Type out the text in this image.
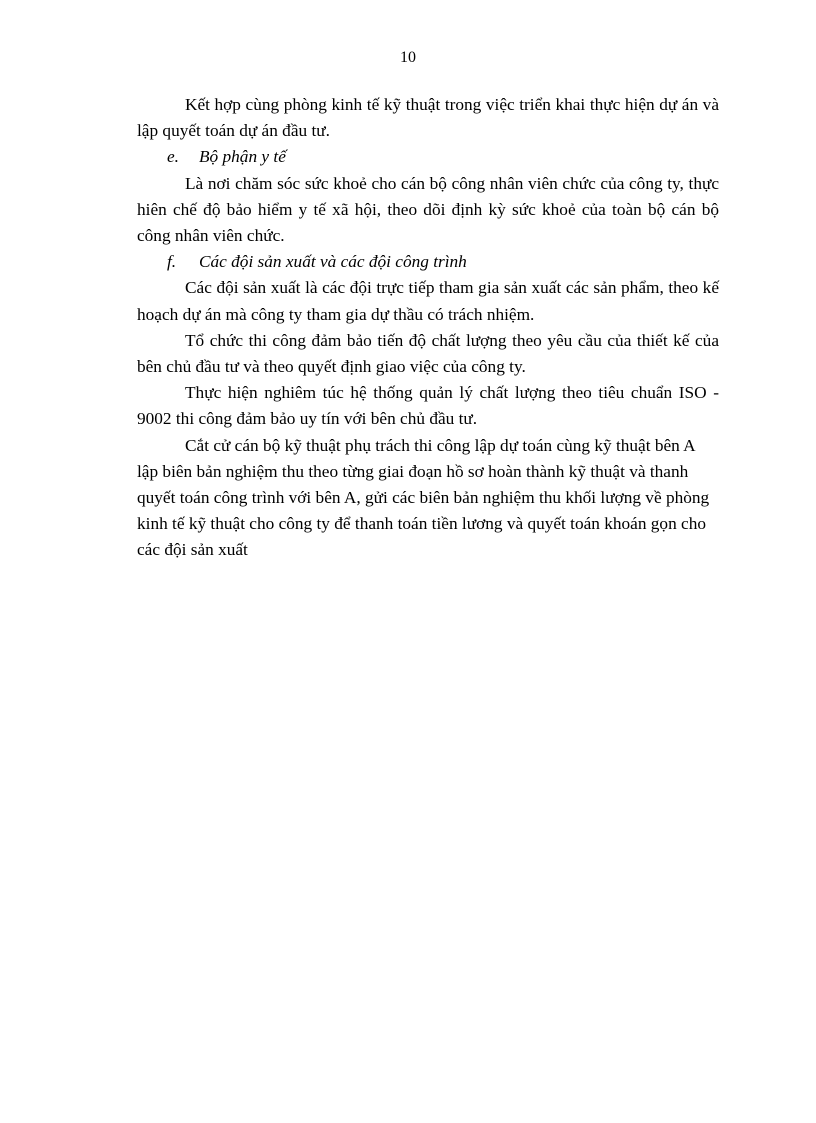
10

Kết hợp cùng phòng kinh tế kỹ thuật trong việc triển khai thực hiện dự án và lập quyết toán dự án đầu tư.

e. Bộ phận y tế

Là nơi chăm sóc sức khoẻ cho cán bộ công nhân viên chức của công ty, thực hiên chế độ bảo hiểm y tế xã hội, theo dõi định kỳ sức khoẻ của toàn bộ cán bộ công nhân viên chức.

f. Các đội sản xuất và các đội công trình

Các đội sản xuất là các đội trực tiếp tham gia sản xuất các sản phẩm, theo kế hoạch dự án mà công ty tham gia dự thầu có trách nhiệm.

Tổ chức thi công đảm bảo tiến độ chất lượng theo yêu cầu của thiết kế của bên chủ đầu tư và theo quyết định giao việc của công ty.

Thực hiện nghiêm túc hệ thống quản lý chất lượng theo tiêu chuẩn ISO - 9002 thi công đảm bảo uy tín với bên chủ đầu tư.

Cắt cử cán bộ kỹ thuật phụ trách thi công lập dự toán cùng kỹ thuật bên A lập biên bản nghiệm thu theo từng giai đoạn hồ sơ hoàn thành kỹ thuật và thanh quyết toán công trình với bên A, gửi các biên bản nghiệm thu khối lượng về phòng kinh tế kỹ thuật cho công ty để thanh toán tiền lương và quyết toán khoán gọn cho các đội sản xuất
